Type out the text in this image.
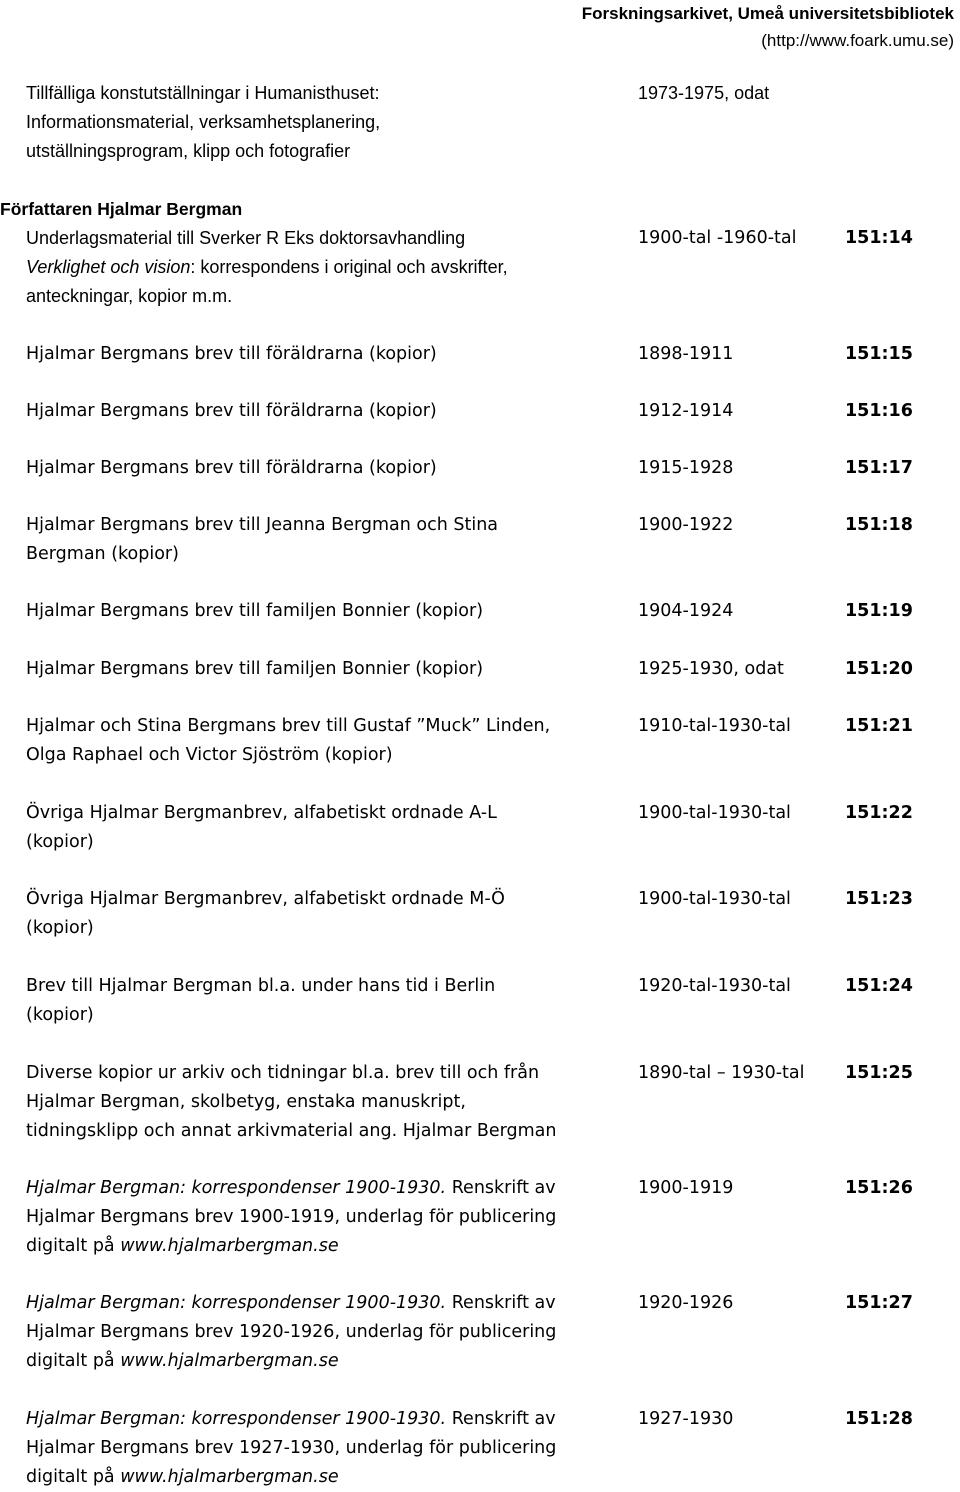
Forskningsarkivet, Umeå universitetsbibliotek
(http://www.foark.umu.se)
Tillfälliga konstutställningar i Humanisthuset:
Informationsmaterial, verksamhetsplanering,
utställningsprogram, klipp och fotografier
1973-1975, odat
Författaren Hjalmar Bergman
Underlagsmaterial till Sverker R Eks doktorsavhandling
Verklighet och vision: korrespondens i original och avskrifter,
anteckningar, kopior m.m.
1900-tal -1960-tal	151:14
Hjalmar Bergmans brev till föräldrarna (kopior)	1898-1911	151:15
Hjalmar Bergmans brev till föräldrarna (kopior)	1912-1914	151:16
Hjalmar Bergmans brev till föräldrarna (kopior)	1915-1928	151:17
Hjalmar Bergmans brev till Jeanna Bergman och Stina
Bergman (kopior)
1900-1922	151:18
Hjalmar Bergmans brev till familjen Bonnier (kopior)	1904-1924	151:19
Hjalmar Bergmans brev till familjen Bonnier (kopior)	1925-1930, odat	151:20
Hjalmar och Stina Bergmans brev till Gustaf ”Muck” Linden,
Olga Raphael och Victor Sjöström (kopior)
1910-tal-1930-tal	151:21
Övriga Hjalmar Bergmanbrev, alfabetiskt ordnade A-L
(kopior)
1900-tal-1930-tal	151:22
Övriga Hjalmar Bergmanbrev, alfabetiskt ordnade M-Ö
(kopior)
1900-tal-1930-tal	151:23
Brev till Hjalmar Bergman bl.a. under hans tid i Berlin
(kopior)
1920-tal-1930-tal	151:24
Diverse kopior ur arkiv och tidningar bl.a. brev till och från
Hjalmar Bergman, skolbetyg, enstaka manuskript,
tidningsklipp och annat arkivmaterial ang. Hjalmar Bergman
1890-tal – 1930-tal	151:25
Hjalmar Bergman: korrespondenser 1900-1930. Renskrift av
Hjalmar Bergmans brev 1900-1919, underlag för publicering
digitalt på www.hjalmarbergman.se
1900-1919	151:26
Hjalmar Bergman: korrespondenser 1900-1930. Renskrift av
Hjalmar Bergmans brev 1920-1926, underlag för publicering
digitalt på www.hjalmarbergman.se
1920-1926	151:27
Hjalmar Bergman: korrespondenser 1900-1930. Renskrift av
Hjalmar Bergmans brev 1927-1930, underlag för publicering
digitalt på www.hjalmarbergman.se
1927-1930	151:28
